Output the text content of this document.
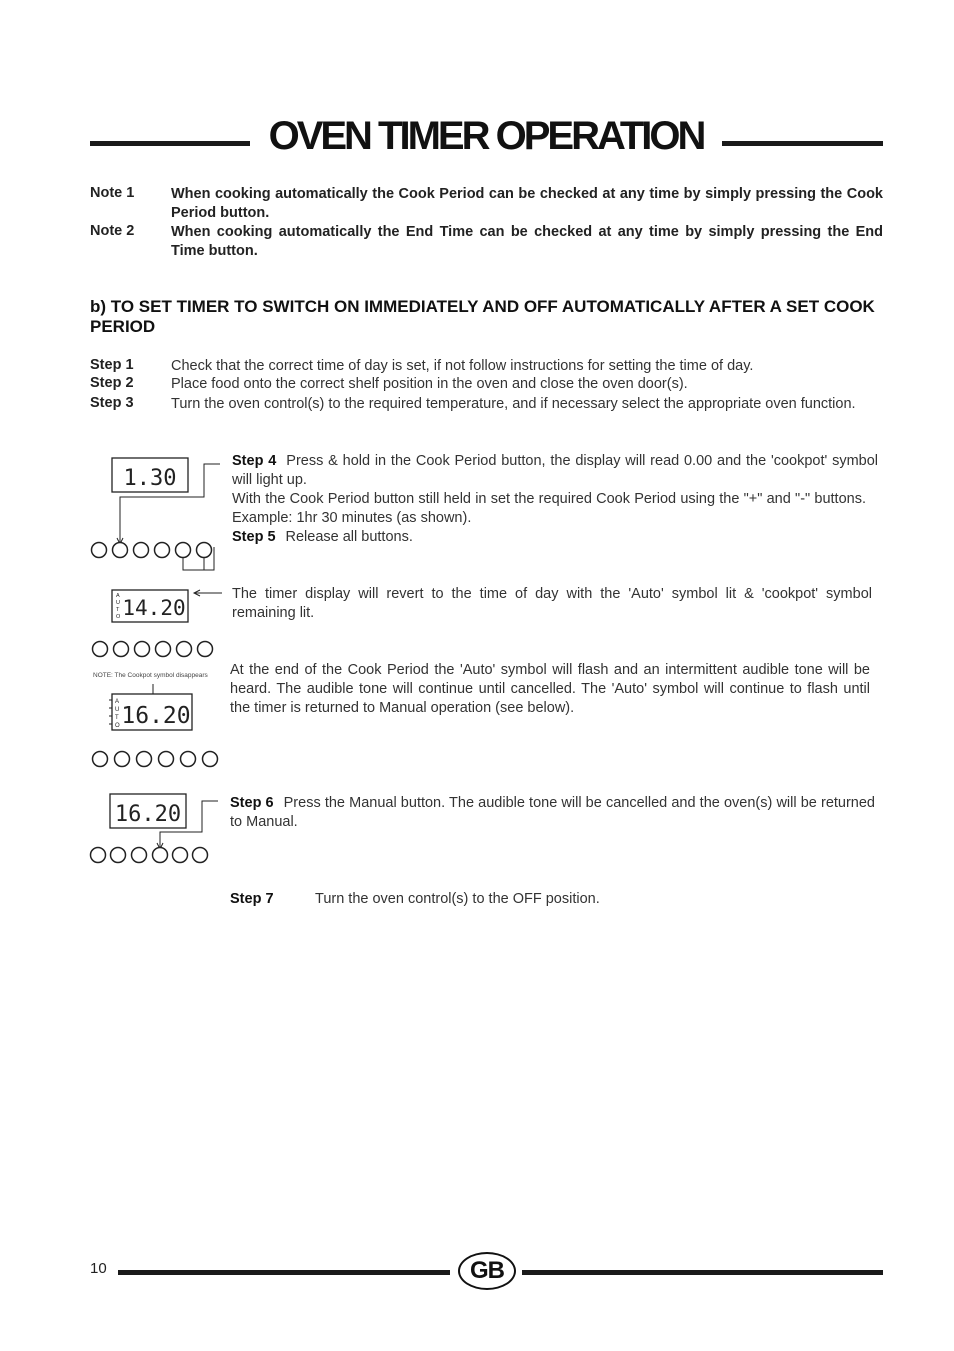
OVEN TIMER OPERATION
Note 1	When cooking automatically the Cook Period can be checked at any time by simply pressing the Cook Period button.
Note 2	When cooking automatically the End Time can be checked at any time by simply pressing the End Time button.
b) TO SET TIMER TO SWITCH ON IMMEDIATELY AND OFF AUTOMATICALLY AFTER A SET COOK PERIOD
Step 1	Check that the correct time of day is set, if not follow instructions for setting the time of day.
Step 2	Place food onto the correct shelf position in the oven and close the oven door(s).
Step 3	Turn the oven control(s) to the required temperature, and if necessary select the appropriate oven function.
1.30
Step 4 Press & hold in the Cook Period button, the display will read 0.00 and the 'cookpot' symbol will light up.
With the Cook Period button still held in set the required Cook Period using the "+" and "-" buttons. Example: 1hr 30 minutes (as shown).
Step 5 Release all buttons.
A
U
T
O 14.20
The timer display will revert to the time of day with the 'Auto' symbol lit & 'cookpot' symbol remaining lit.
NOTE: The Cookpot symbol disappears
A
U
T
O 16.20
At the end of the Cook Period the 'Auto' symbol will flash and an intermittent audible tone will be heard. The audible tone will continue until cancelled. The 'Auto' symbol will continue to flash until the timer is returned to Manual operation (see below).
16.20	Step 6 Press the Manual button. The audible tone will be cancelled and the oven(s) will be returned to Manual.
Step 7	Turn the oven control(s) to the OFF position.
10	GB
